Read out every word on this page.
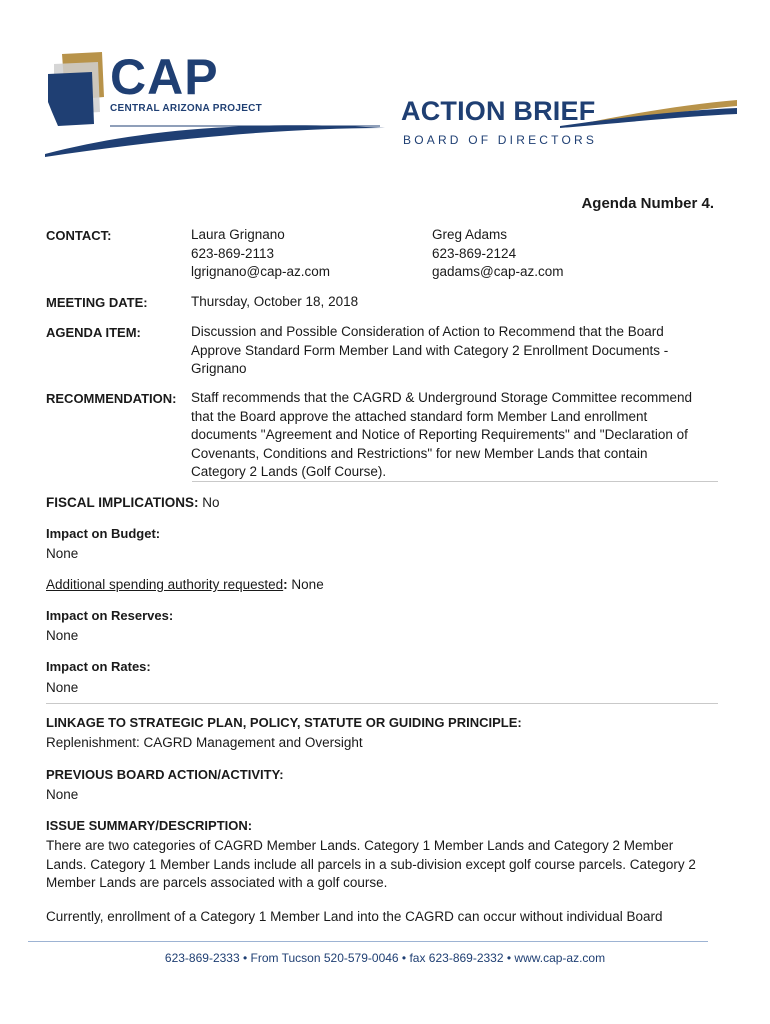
CAP
CENTRAL ARIZONA PROJECT	ACTION BRIEF
BOARD OF DIRECTORS
Agenda Number 4.
CONTACT:	Laura Grignano
623-869-2113
lgrignano@cap-az.com
Greg Adams
623-869-2124
gadams@cap-az.com
MEETING DATE:	Thursday, October 18, 2018
AGENDA ITEM:	Discussion and Possible Consideration of Action to Recommend that the Board
Approve Standard Form Member Land with Category 2 Enrollment Documents -
Grignano
RECOMMENDATION: Staff recommends that the CAGRD & Underground Storage Committee recommend
that the Board approve the attached standard form Member Land enrollment
documents "Agreement and Notice of Reporting Requirements" and "Declaration of
Covenants, Conditions and Restrictions" for new Member Lands that contain
Category 2 Lands (Golf Course).
FISCAL IMPLICATIONS: No
Impact on Budget:
None
Additional spending authority requested: None
Impact on Reserves:
None
Impact on Rates:
None
LINKAGE TO STRATEGIC PLAN, POLICY, STATUTE OR GUIDING PRINCIPLE:
Replenishment: CAGRD Management and Oversight
PREVIOUS BOARD ACTION/ACTIVITY:
None
ISSUE SUMMARY/DESCRIPTION:
There are two categories of CAGRD Member Lands. Category 1 Member Lands and Category 2 Member
Lands. Category 1 Member Lands include all parcels in a sub-division except golf course parcels. Category 2
Member Lands are parcels associated with a golf course.
Currently, enrollment of a Category 1 Member Land into the CAGRD can occur without individual Board
623-869-2333 • From Tucson 520-579-0046 • fax 623-869-2332 • www.cap-az.com
